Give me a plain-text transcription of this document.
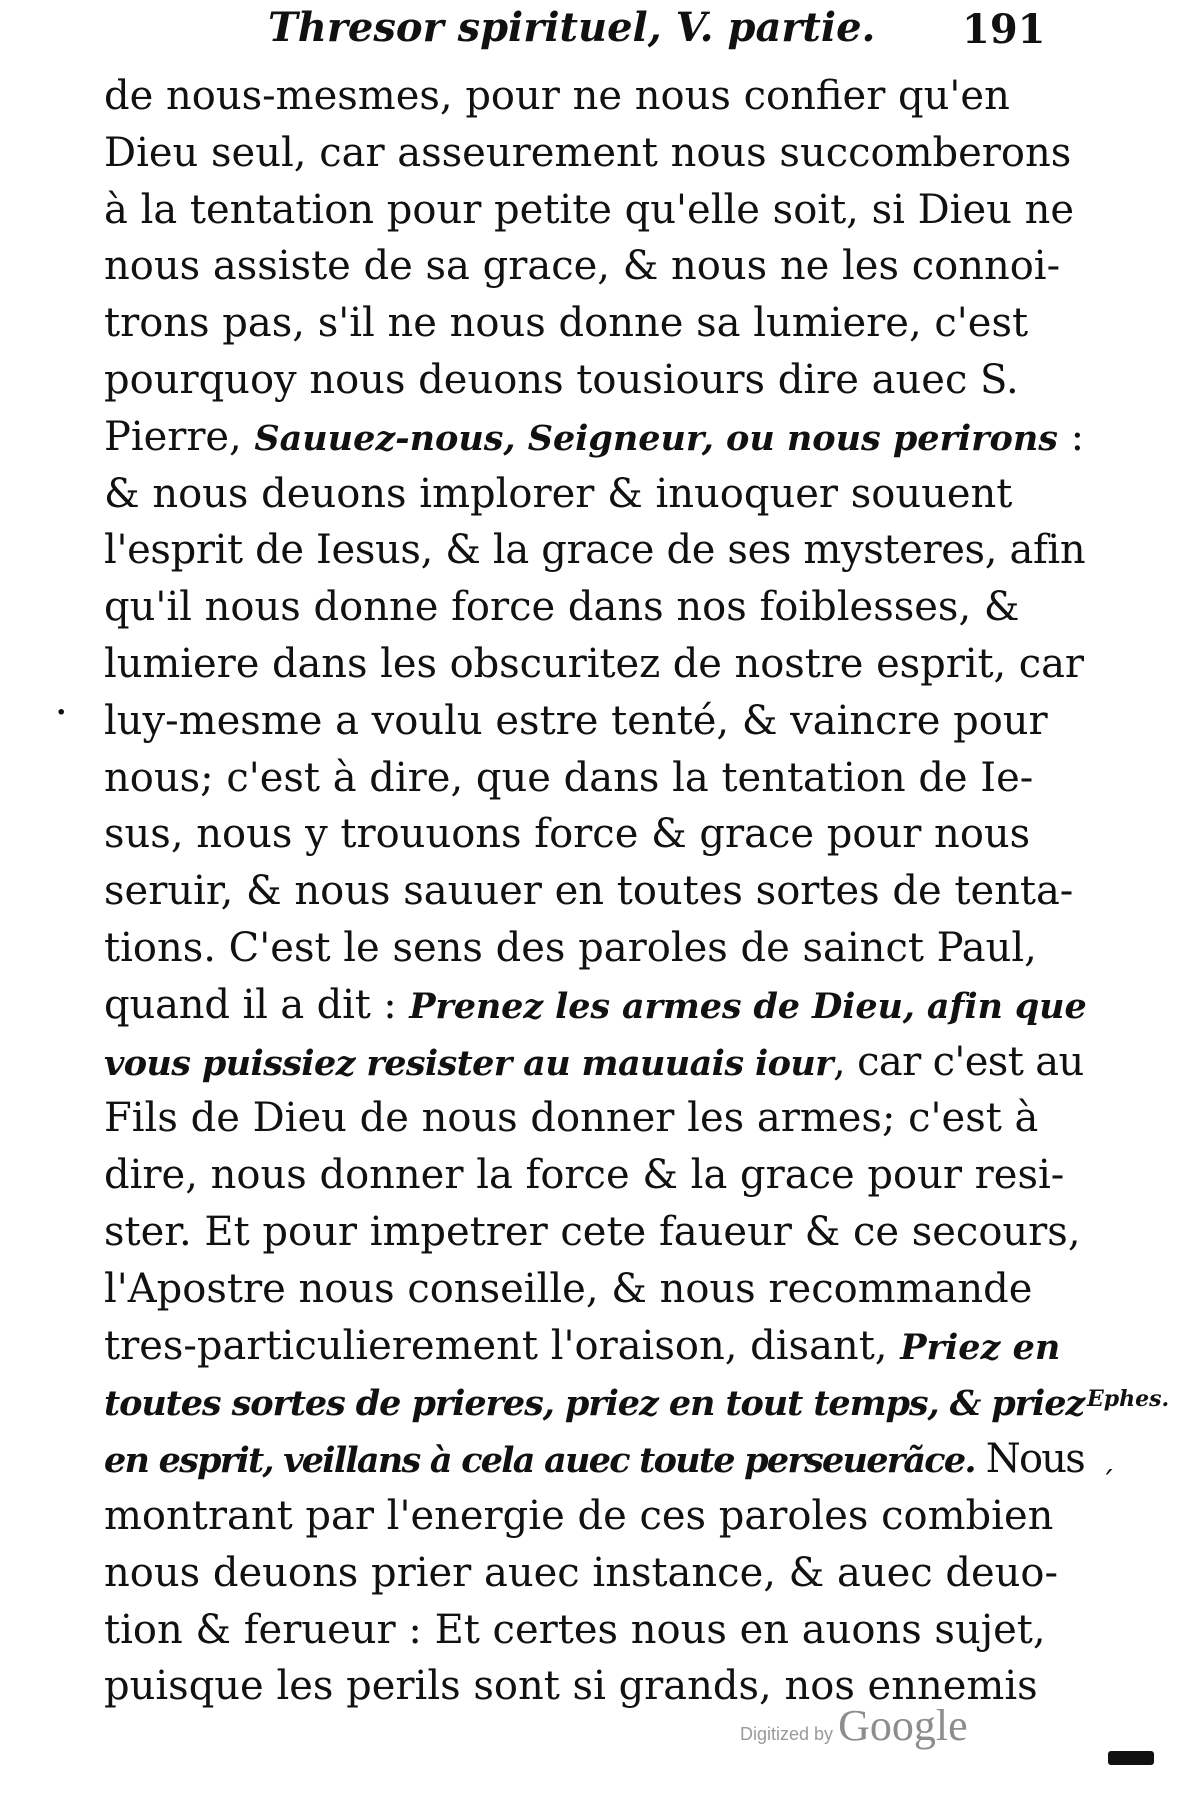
Thresor spirituel, V. partie. 191
de nous-mesmes, pour ne nous confier qu'en
Dieu seul, car asseurement nous succomberons
à la tentation pour petite qu'elle soit, si Dieu ne
nous assiste de sa grace, & nous ne les connoi-
trons pas, s'il ne nous donne sa lumiere, c'est
pourquoy nous deuons tousiours dire auec S.
Pierre, Sauuez-nous, Seigneur, ou nous perirons :
& nous deuons implorer & inuoquer souuent
l'esprit de Iesus, & la grace de ses mysteres, afin
qu'il nous donne force dans nos foiblesses, &
lumiere dans les obscuritez de nostre esprit, car
luy-mesme a voulu estre tenté, & vaincre pour
nous; c'est à dire, que dans la tentation de Ie-
sus, nous y trouuons force & grace pour nous
seruir, & nous sauuer en toutes sortes de tenta-
tions. C'est le sens des paroles de sainct Paul,
quand il a dit : Prenez les armes de Dieu, afin que
vous puissiez resister au mauuais iour, car c'est au
Fils de Dieu de nous donner les armes; c'est à
dire, nous donner la force & la grace pour resi-
ster. Et pour impetrer cete faueur & ce secours,
l'Apostre nous conseille, & nous recommande
tres-particulierement l'oraison, disant, Priez en
toutes sortes de prieres, priez en tout temps, & priez
en esprit, veillans à cela auec toute perseuerãce. Nous
montrant par l'energie de ces paroles combien
nous deuons prier auec instance, & auec deuo-
tion & ferueur : Et certes nous en auons sujet,
puisque les perils sont si grands, nos ennemis
·
Ephes.
ˊ
Digitized by Google
